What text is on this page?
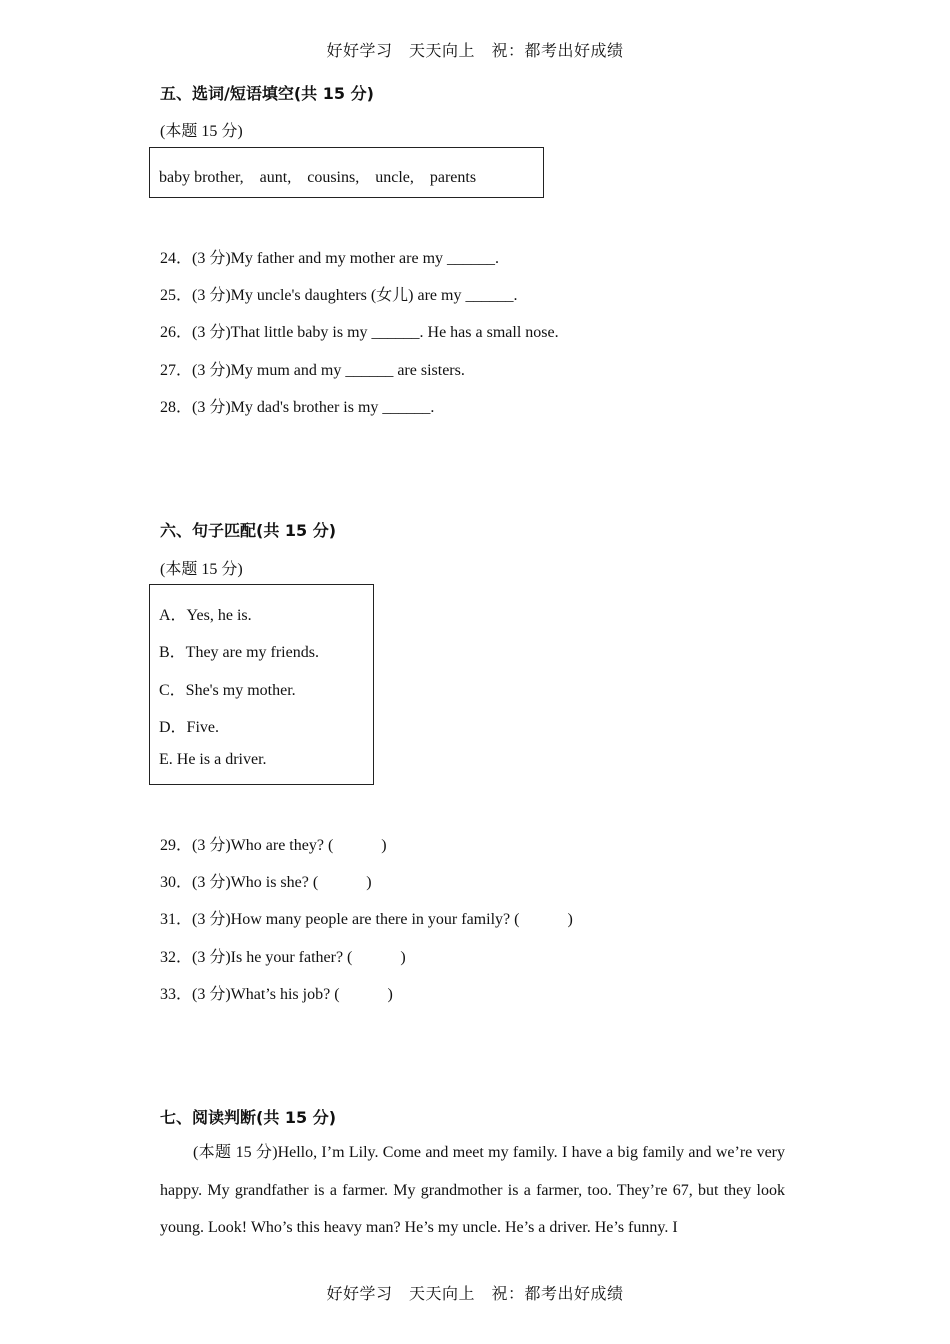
好好学习　天天向上　祝：都考出好成绩
五、选词/短语填空(共 15 分)
(本题 15 分)
baby brother,　aunt,　cousins,　uncle,　parents
24．(3 分)My father and my mother are my ______.
25．(3 分)My uncle's daughters (女儿) are my ______.
26．(3 分)That little baby is my ______. He has a small nose.
27．(3 分)My mum and my ______ are sisters.
28．(3 分)My dad's brother is my ______.
六、句子匹配(共 15 分)
(本题 15 分)
A．Yes, he is.
B．They are my friends.
C．She's my mother.
D．Five.
E. He is a driver.
29．(3 分)Who are they? (　　　)
30．(3 分)Who is she? (　　　)
31．(3 分)How many people are there in your family? (　　　)
32．(3 分)Is he your father? (　　　)
33．(3 分)What’s his job? (　　　)
七、阅读判断(共 15 分)
(本题 15 分)Hello, I’m Lily. Come and meet my family. I have a big family and we’re very happy. My grandfather is a farmer. My grandmother is a farmer, too. They’re 67, but they look young. Look! Who’s this heavy man? He’s my uncle. He’s a driver. He’s funny. I
好好学习　天天向上　祝：都考出好成绩
